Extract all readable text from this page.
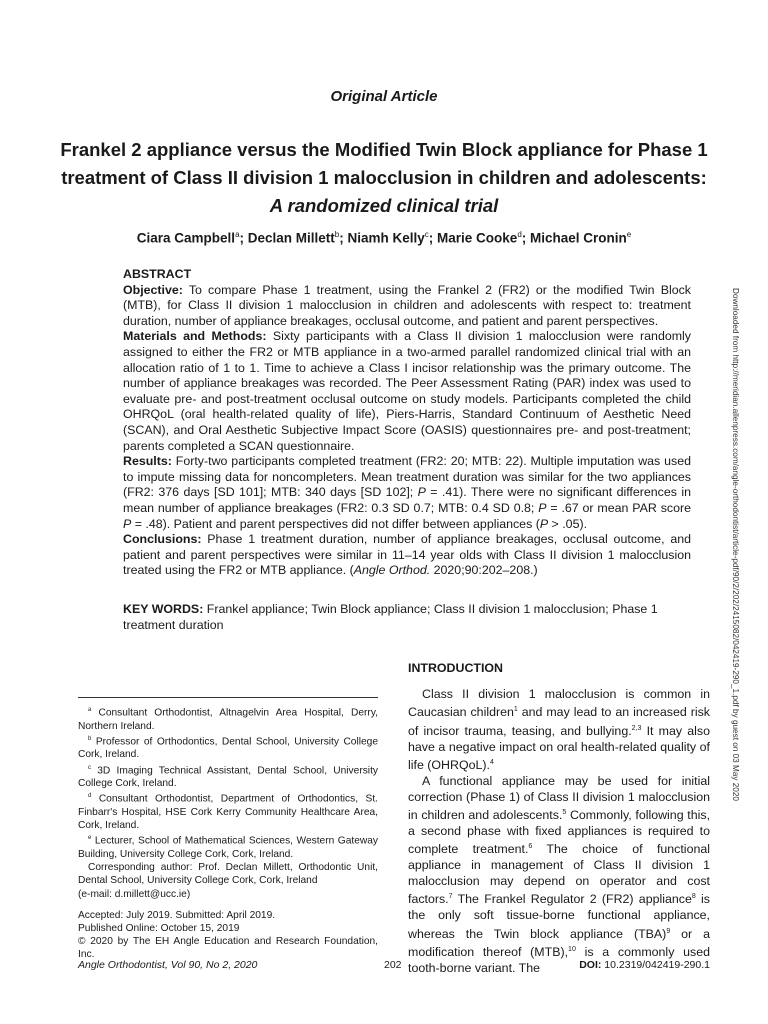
Original Article
Frankel 2 appliance versus the Modified Twin Block appliance for Phase 1 treatment of Class II division 1 malocclusion in children and adolescents:
A randomized clinical trial
Ciara Campbell$^a$; Declan Millett$^b$; Niamh Kelly$^c$; Marie Cooke$^d$; Michael Cronin$^e$
ABSTRACT

Objective: To compare Phase 1 treatment, using the Frankel 2 (FR2) or the modified Twin Block (MTB), for Class II division 1 malocclusion in children and adolescents with respect to: treatment duration, number of appliance breakages, occlusal outcome, and patient and parent perspectives.

Materials and Methods: Sixty participants with a Class II division 1 malocclusion were randomly assigned to either the FR2 or MTB appliance in a two-armed parallel randomized clinical trial with an allocation ratio of 1 to 1. Time to achieve a Class I incisor relationship was the primary outcome. The number of appliance breakages was recorded. The Peer Assessment Rating (PAR) index was used to evaluate pre- and post-treatment occlusal outcome on study models. Participants completed the child OHRQoL (oral health-related quality of life), Piers-Harris, Standard Continuum of Aesthetic Need (SCAN), and Oral Aesthetic Subjective Impact Score (OASIS) questionnaires pre- and post-treatment; parents completed a SCAN questionnaire.

Results: Forty-two participants completed treatment (FR2: 20; MTB: 22). Multiple imputation was used to impute missing data for noncompleters. Mean treatment duration was similar for the two appliances (FR2: 376 days [SD 101]; MTB: 340 days [SD 102]; P = .41). There were no significant differences in mean number of appliance breakages (FR2: 0.3 SD 0.7; MTB: 0.4 SD 0.8; P = .67 or mean PAR score P = .48). Patient and parent perspectives did not differ between appliances (P > .05).

Conclusions: Phase 1 treatment duration, number of appliance breakages, occlusal outcome, and patient and parent perspectives were similar in 11–14 year olds with Class II division 1 malocclusion treated using the FR2 or MTB appliance. (Angle Orthod. 2020;90:202–208.)

KEY WORDS: Frankel appliance; Twin Block appliance; Class II division 1 malocclusion; Phase 1 treatment duration

$^a$ Consultant Orthodontist, Altnagelvin Area Hospital, Derry, Northern Ireland.

$^b$ Professor of Orthodontics, Dental School, University College Cork, Ireland.

$^c$ 3D Imaging Technical Assistant, Dental School, University College Cork, Ireland.

$^d$ Consultant Orthodontist, Department of Orthodontics, St. Finbarr's Hospital, HSE Cork Kerry Community Healthcare Area, Cork, Ireland.

$^e$ Lecturer, School of Mathematical Sciences, Western Gateway Building, University College Cork, Cork, Ireland.

Corresponding author: Prof. Declan Millett, Orthodontic Unit, Dental School, University College Cork, Cork, Ireland

(e-mail: d.millett@ucc.ie)

Accepted: July 2019. Submitted: April 2019.

Published Online: October 15, 2019

© 2020 by The EH Angle Education and Research Foundation, Inc.

INTRODUCTION

Class II division 1 malocclusion is common in Caucasian children$^1$ and may lead to an increased risk of incisor trauma, teasing, and bullying.$^{2,3}$ It may also have a negative impact on oral health-related quality of life (OHRQoL).$^4$

A functional appliance may be used for initial correction (Phase 1) of Class II division 1 malocclusion in children and adolescents.$^5$ Commonly, following this, a second phase with fixed appliances is required to complete treatment.$^6$ The choice of functional appliance in management of Class II division 1 malocclusion may depend on operator and cost factors.$^7$ The Frankel Regulator 2 (FR2) appliance$^8$ is the only soft tissue-borne functional appliance, whereas the Twin block appliance (TBA)$^9$ or a modification thereof (MTB),$^{10}$ is a commonly used tooth-borne variant. The

Downloaded from http://meridian.allenpress.com/angle-orthodontist/article-pdf/90/2/202/2415082/042419-290_1.pdf by guest on 03 May 2020
Angle Orthodontist, Vol 90, No 2, 2020	202	DOI: 10.2319/042419-290.1
